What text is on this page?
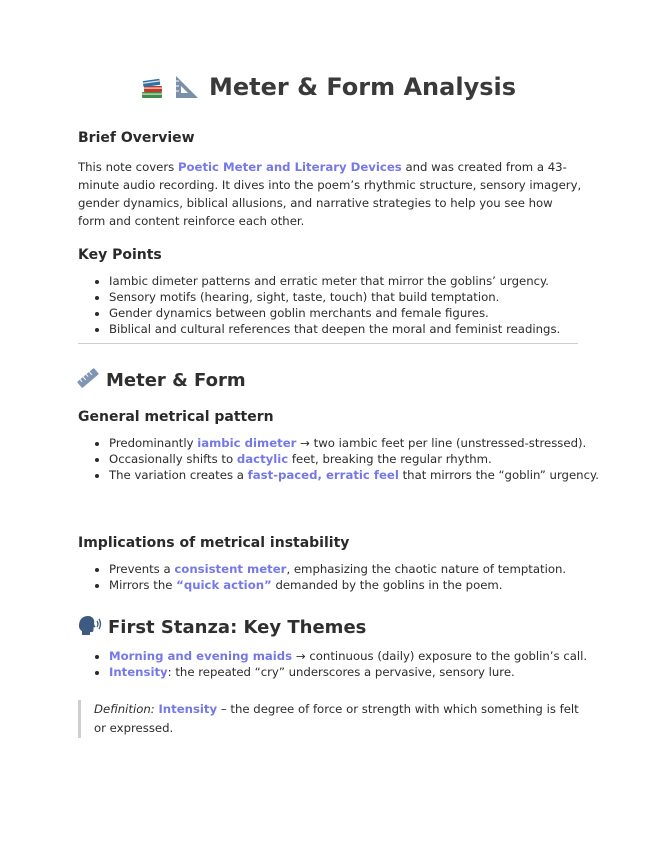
Meter & Form Analysis
Brief Overview
This note covers Poetic Meter and Literary Devices and was created from a 43-minute audio recording. It dives into the poem’s rhythmic structure, sensory imagery, gender dynamics, biblical allusions, and narrative strategies to help you see how form and content reinforce each other.
Key Points
• Iambic dimeter patterns and erratic meter that mirror the goblins’ urgency.
• Sensory motifs (hearing, sight, taste, touch) that build temptation.
• Gender dynamics between goblin merchants and female figures.
• Biblical and cultural references that deepen the moral and feminist readings.
Meter & Form
General metrical pattern
• Predominantly iambic dimeter → two iambic feet per line (unstressed-stressed).
• Occasionally shifts to dactylic feet, breaking the regular rhythm.
• The variation creates a fast-paced, erratic feel that mirrors the “goblin” urgency.
Implications of metrical instability
• Prevents a consistent meter, emphasizing the chaotic nature of temptation.
• Mirrors the “quick action” demanded by the goblins in the poem.
First Stanza: Key Themes
• Morning and evening maids → continuous (daily) exposure to the goblin’s call.
• Intensity: the repeated “cry” underscores a pervasive, sensory lure.
Definition: Intensity – the degree of force or strength with which something is felt or expressed.
